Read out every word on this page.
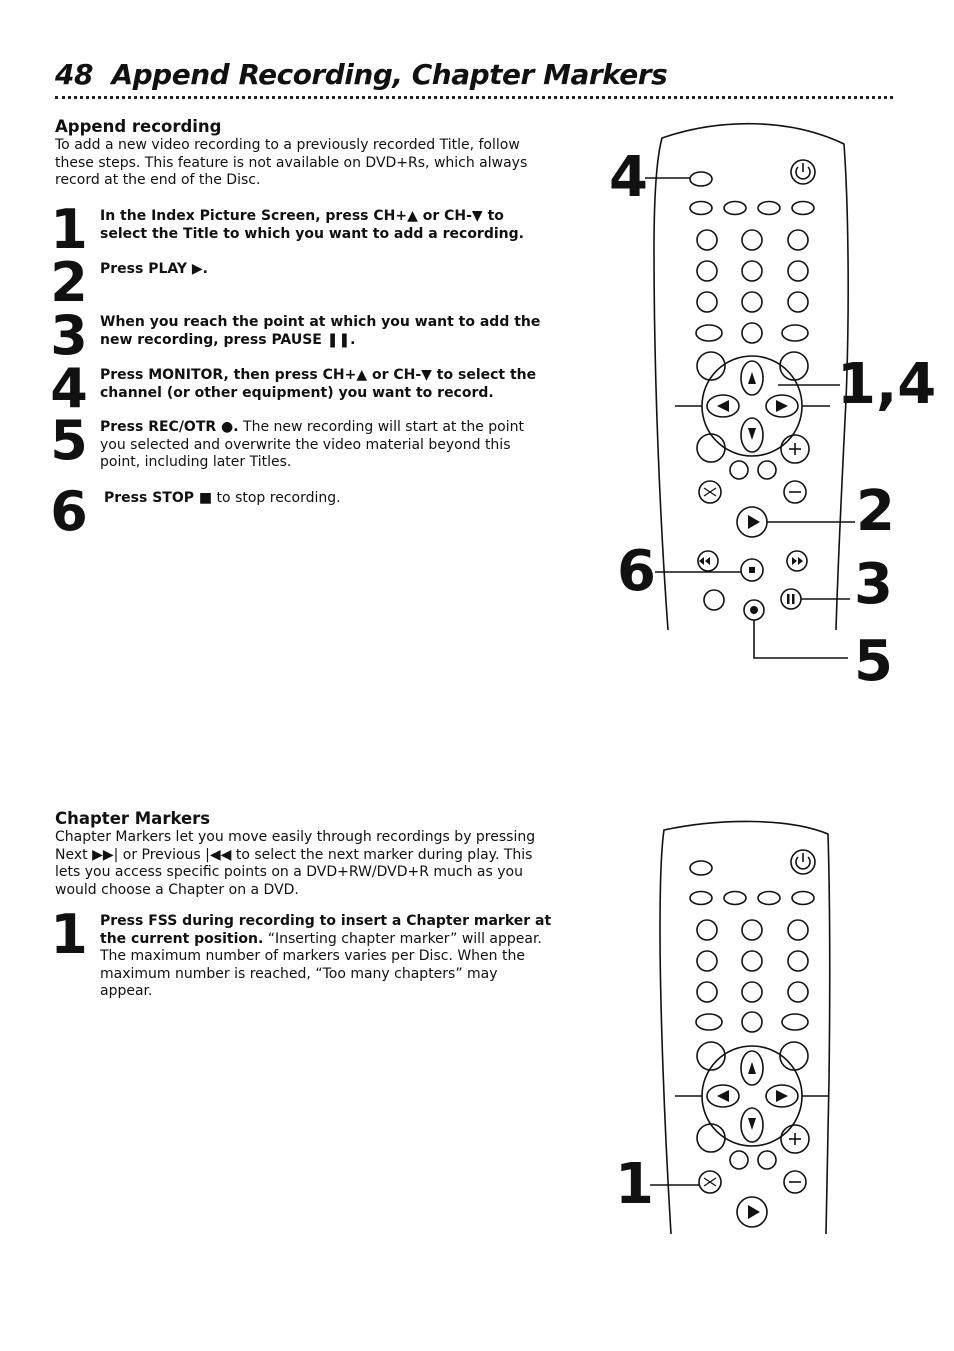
48 Append Recording, Chapter Markers
Append recording
To add a new video recording to a previously recorded Title, follow these steps. This feature is not available on DVD+Rs, which always record at the end of the Disc.
1 In the Index Picture Screen, press CH+▲ or CH-▼ to select the Title to which you want to add a recording.
2 Press PLAY ▶.
3 When you reach the point at which you want to add the new recording, press PAUSE ❚❚.
4 Press MONITOR, then press CH+▲ or CH-▼ to select the channel (or other equipment) you want to record.
5 Press REC/OTR ●. The new recording will start at the point you selected and overwrite the video material beyond this point, including later Titles.
6 Press STOP ■ to stop recording.
4
1,4
2
6	3
5
Chapter Markers
Chapter Markers let you move easily through recordings by pressing Next ▶▶| or Previous |◀◀ to select the next marker during play. This lets you access specific points on a DVD+RW/DVD+R much as you would choose a Chapter on a DVD.
1 Press FSS during recording to insert a Chapter marker at the current position. “Inserting chapter marker” will appear. The maximum number of markers varies per Disc. When the maximum number is reached, “Too many chapters” may appear.
1
